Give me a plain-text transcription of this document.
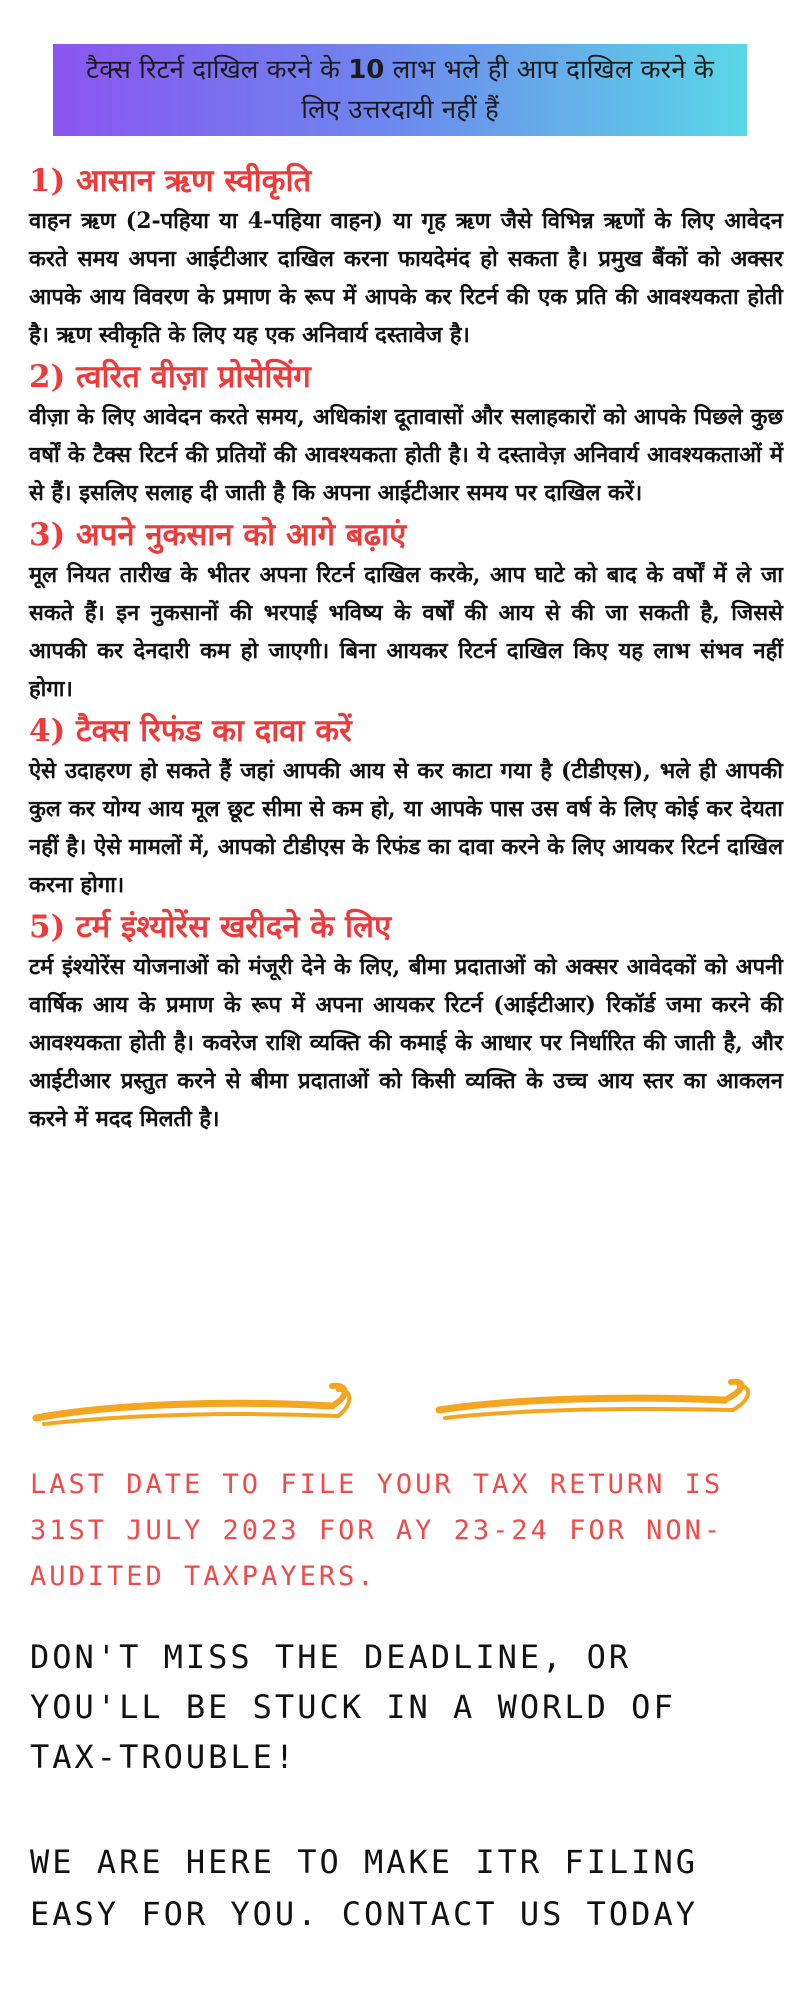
टैक्स रिटर्न दाखिल करने के 10 लाभ भले ही आप दाखिल करने के लिए उत्तरदायी नहीं हैं
1) आसान ऋण स्वीकृति

वाहन ऋण (2-पहिया या 4-पहिया वाहन) या गृह ऋण जैसे विभिन्न ऋणों के लिए आवेदन करते समय अपना आईटीआर दाखिल करना फायदेमंद हो सकता है। प्रमुख बैंकों को अक्सर आपके आय विवरण के प्रमाण के रूप में आपके कर रिटर्न की एक प्रति की आवश्यकता होती है। ऋण स्वीकृति के लिए यह एक अनिवार्य दस्तावेज है।

2) त्वरित वीज़ा प्रोसेसिंग

वीज़ा के लिए आवेदन करते समय, अधिकांश दूतावासों और सलाहकारों को आपके पिछले कुछ वर्षों के टैक्स रिटर्न की प्रतियों की आवश्यकता होती है। ये दस्तावेज़ अनिवार्य आवश्यकताओं में से हैं। इसलिए सलाह दी जाती है कि अपना आईटीआर समय पर दाखिल करें।

3) अपने नुकसान को आगे बढ़ाएं

मूल नियत तारीख के भीतर अपना रिटर्न दाखिल करके, आप घाटे को बाद के वर्षों में ले जा सकते हैं। इन नुकसानों की भरपाई भविष्य के वर्षों की आय से की जा सकती है, जिससे आपकी कर देनदारी कम हो जाएगी। बिना आयकर रिटर्न दाखिल किए यह लाभ संभव नहीं होगा।

4) टैक्स रिफंड का दावा करें

ऐसे उदाहरण हो सकते हैं जहां आपकी आय से कर काटा गया है (टीडीएस), भले ही आपकी कुल कर योग्य आय मूल छूट सीमा से कम हो, या आपके पास उस वर्ष के लिए कोई कर देयता नहीं है। ऐसे मामलों में, आपको टीडीएस के रिफंड का दावा करने के लिए आयकर रिटर्न दाखिल करना होगा।

5) टर्म इंश्योरेंस खरीदने के लिए

टर्म इंश्योरेंस योजनाओं को मंजूरी देने के लिए, बीमा प्रदाताओं को अक्सर आवेदकों को अपनी वार्षिक आय के प्रमाण के रूप में अपना आयकर रिटर्न (आईटीआर) रिकॉर्ड जमा करने की आवश्यकता होती है। कवरेज राशि व्यक्ति की कमाई के आधार पर निर्धारित की जाती है, और आईटीआर प्रस्तुत करने से बीमा प्रदाताओं को किसी व्यक्ति के उच्च आय स्तर का आकलन करने में मदद मिलती है।

LAST DATE TO FILE YOUR TAX RETURN IS 31ST JULY 2023 FOR AY 23-24 FOR NON-AUDITED TAXPAYERS.

DON'T MISS THE DEADLINE, OR YOU'LL BE STUCK IN A WORLD OF TAX-TROUBLE!

WE ARE HERE TO MAKE ITR FILING EASY FOR YOU. CONTACT US TODAY
